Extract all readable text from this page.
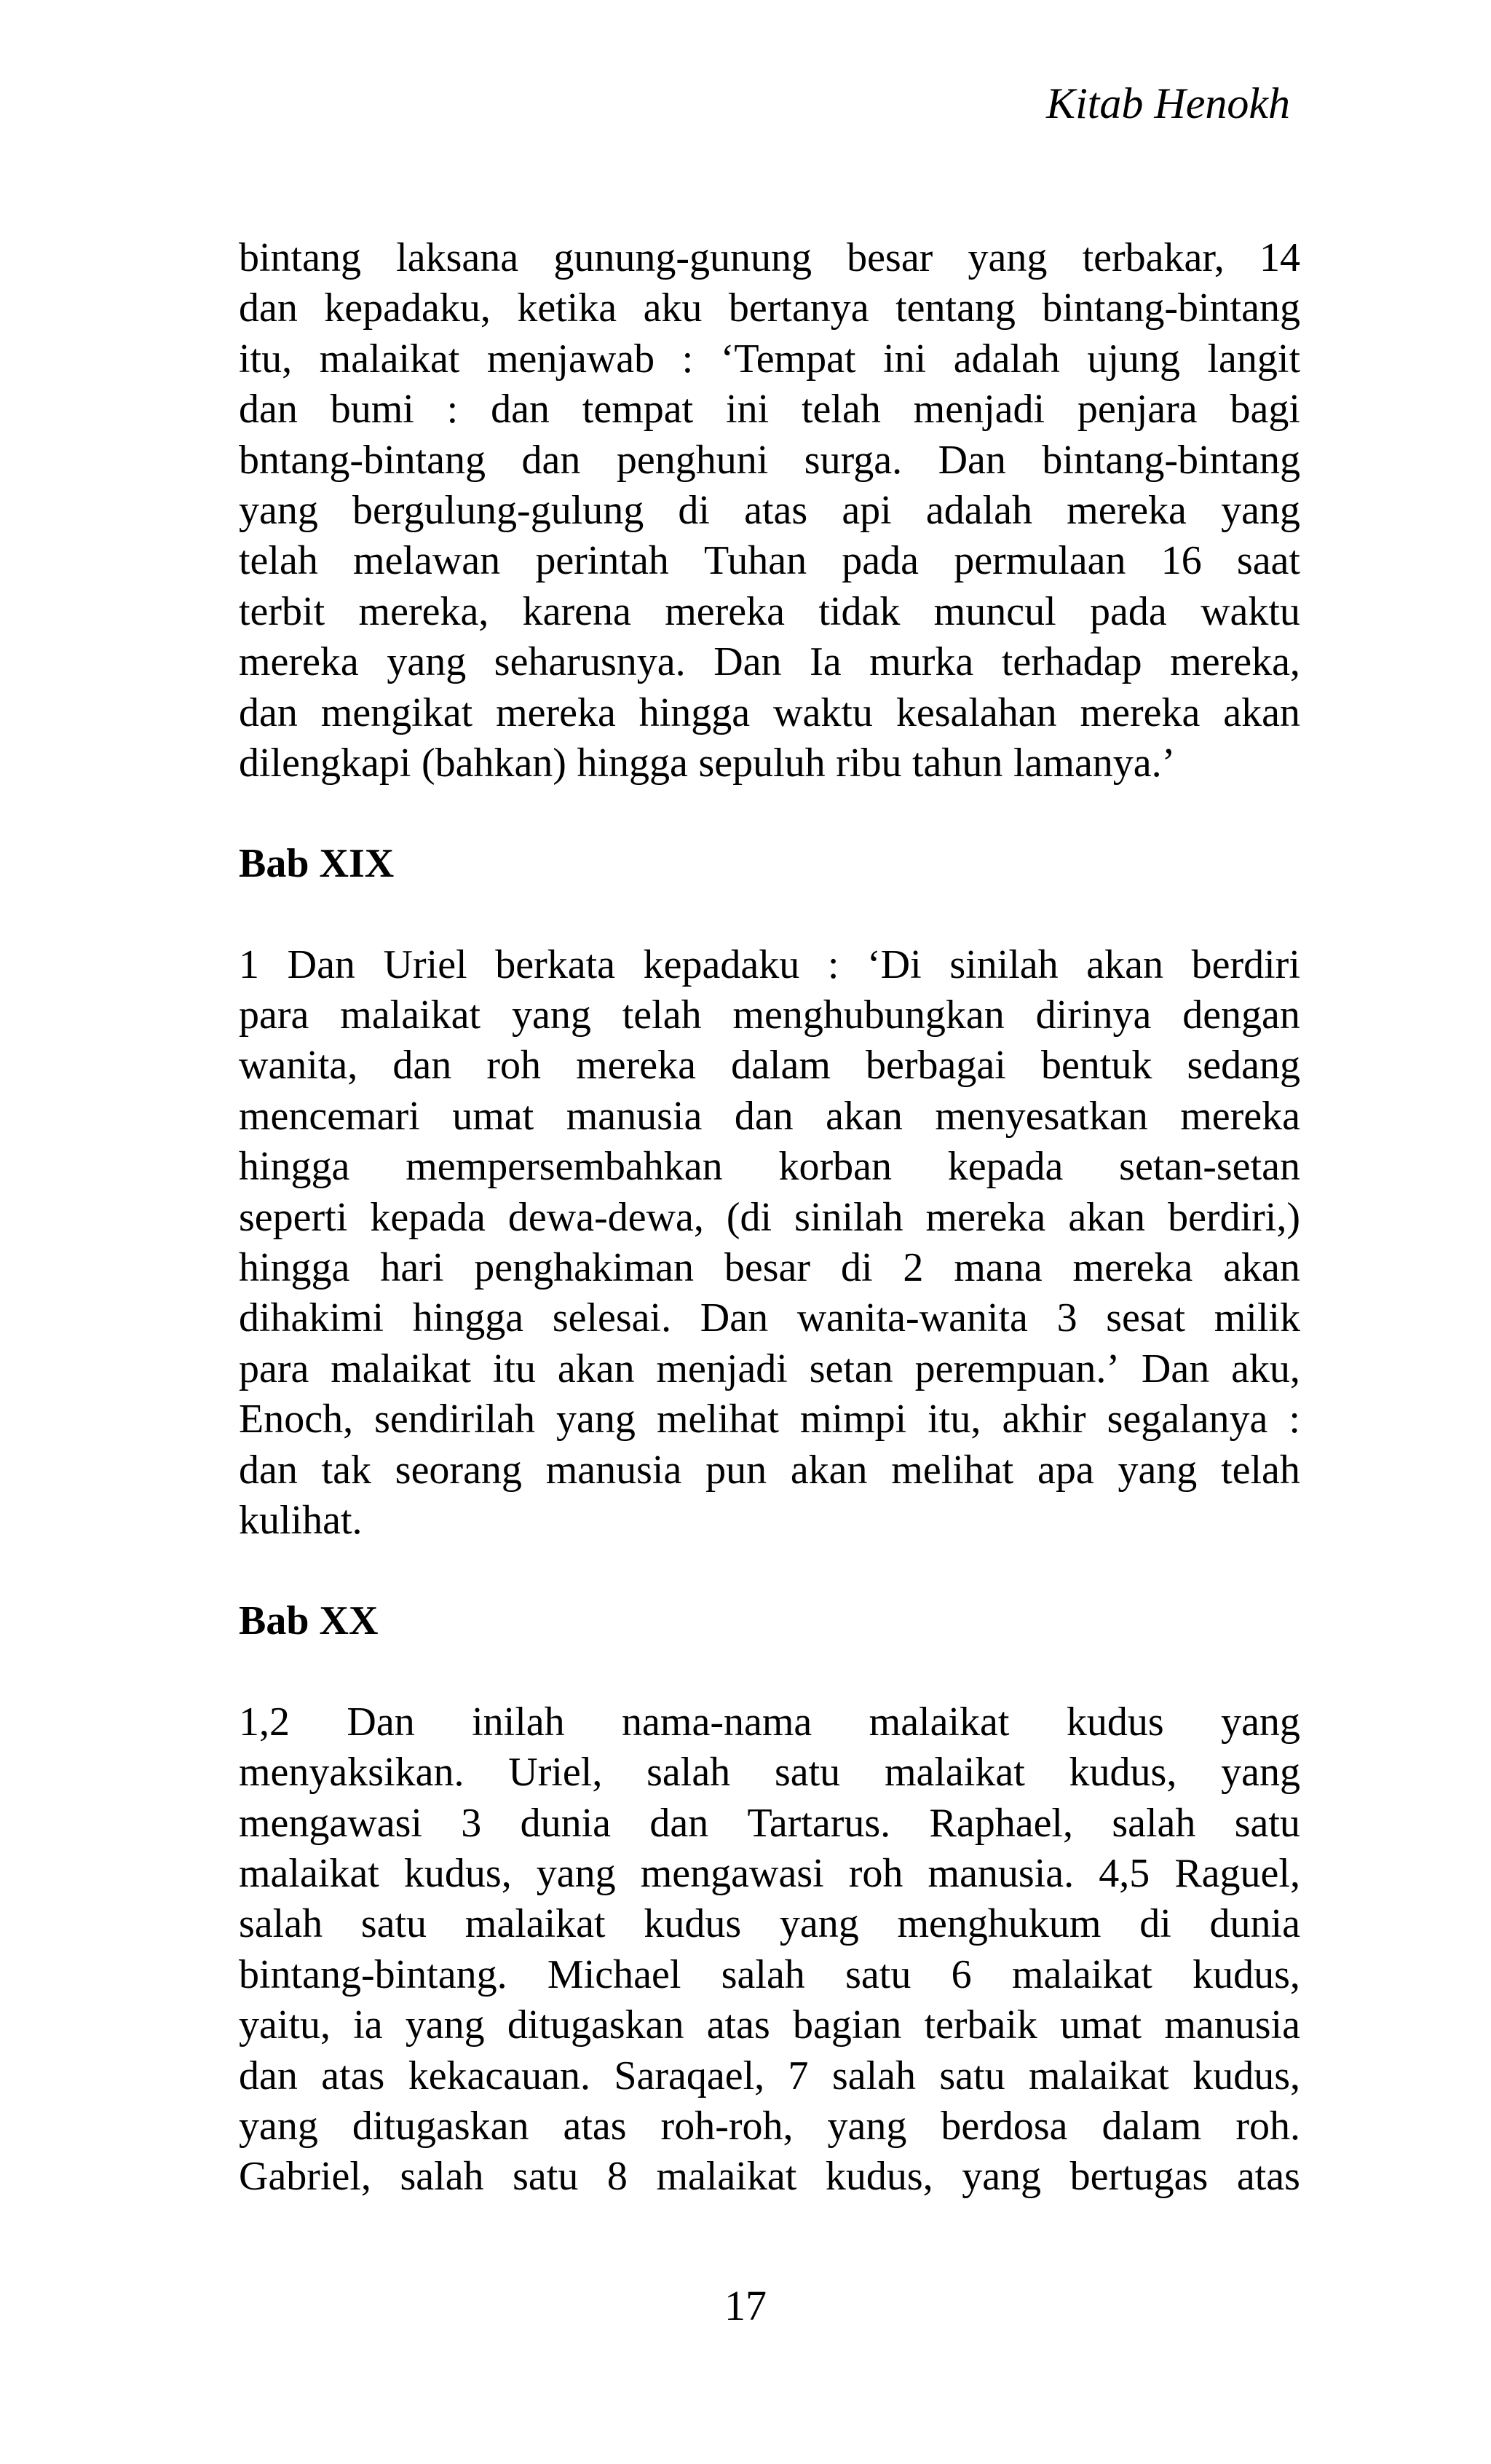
Kitab Henokh
bintang laksana gunung-gunung besar yang terbakar, 14
dan kepadaku, ketika aku bertanya tentang bintang-bintang
itu, malaikat menjawab : ‘Tempat ini adalah ujung langit
dan bumi : dan tempat ini telah menjadi penjara bagi
bntang-bintang dan penghuni surga. Dan bintang-bintang
yang bergulung-gulung di atas api adalah mereka yang
telah melawan perintah Tuhan pada permulaan 16 saat
terbit mereka, karena mereka tidak muncul pada waktu
mereka yang seharusnya. Dan Ia murka terhadap mereka,
dan mengikat mereka hingga waktu kesalahan mereka akan
dilengkapi (bahkan) hingga sepuluh ribu tahun lamanya.’
Bab XIX
1 Dan Uriel berkata kepadaku : ‘Di sinilah akan berdiri
para malaikat yang telah menghubungkan dirinya dengan
wanita, dan roh mereka dalam berbagai bentuk sedang
mencemari umat manusia dan akan menyesatkan mereka
hingga mempersembahkan korban kepada setan-setan
seperti kepada dewa-dewa, (di sinilah mereka akan berdiri,)
hingga hari penghakiman besar di 2 mana mereka akan
dihakimi hingga selesai. Dan wanita-wanita 3 sesat milik
para malaikat itu akan menjadi setan perempuan.’ Dan aku,
Enoch, sendirilah yang melihat mimpi itu, akhir segalanya :
dan tak seorang manusia pun akan melihat apa yang telah
kulihat.
Bab XX
1,2 Dan inilah nama-nama malaikat kudus yang
menyaksikan. Uriel, salah satu malaikat kudus, yang
mengawasi 3 dunia dan Tartarus. Raphael, salah satu
malaikat kudus, yang mengawasi roh manusia. 4,5 Raguel,
salah satu malaikat kudus yang menghukum di dunia
bintang-bintang. Michael salah satu 6 malaikat kudus,
yaitu, ia yang ditugaskan atas bagian terbaik umat manusia
dan atas kekacauan. Saraqael, 7 salah satu malaikat kudus,
yang ditugaskan atas roh-roh, yang berdosa dalam roh.
Gabriel, salah satu 8 malaikat kudus, yang bertugas atas
17
